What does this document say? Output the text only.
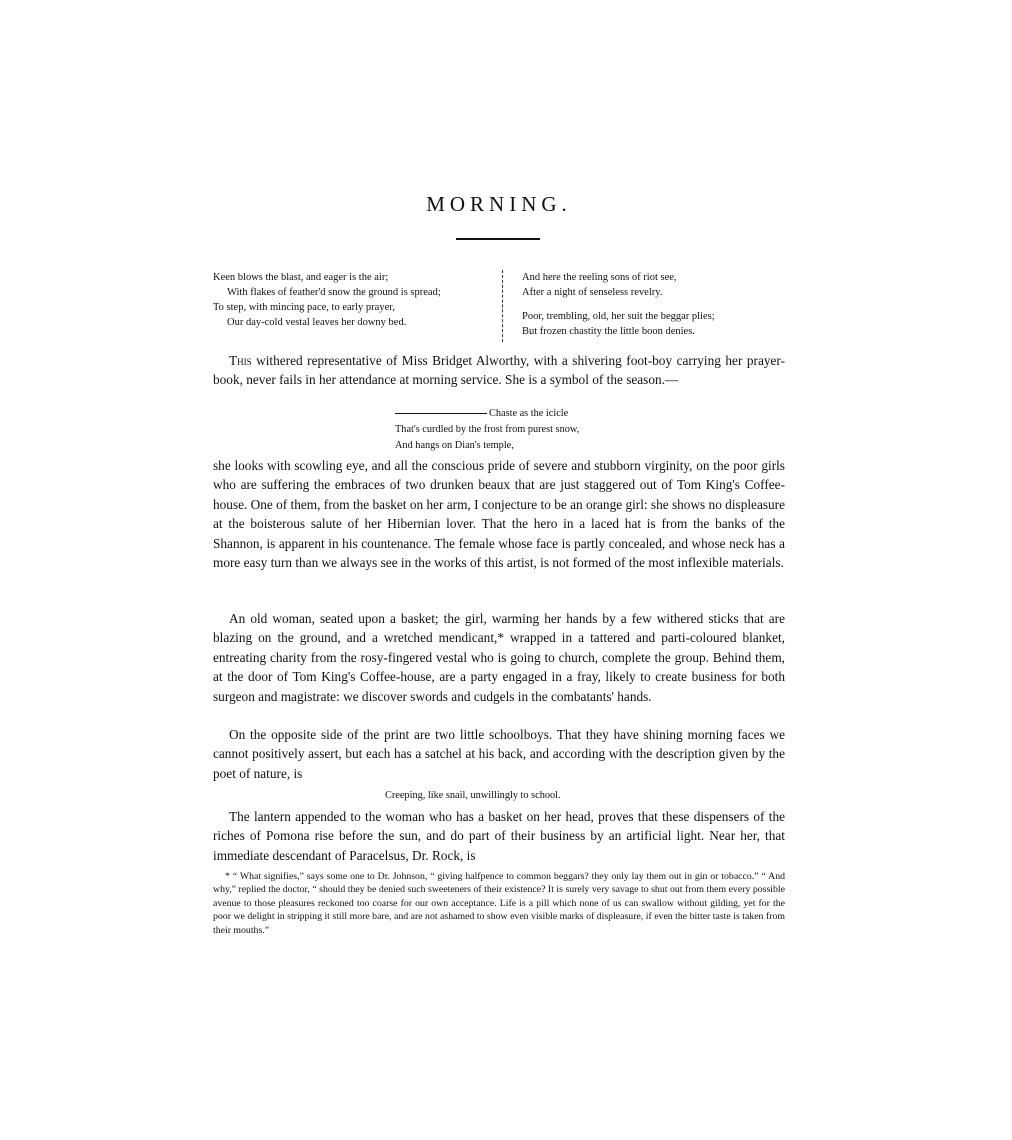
MORNING.
Keen blows the blast, and eager is the air;
With flakes of feather'd snow the ground is spread;
To step, with mincing pace, to early prayer,
Our day-cold vestal leaves her downy bed.
And here the reeling sons of riot see,
After a night of senseless revelry.
Poor, trembling, old, her suit the beggar plies;
But frozen chastity the little boon denies.

This withered representative of Miss Bridget Alworthy, with a shivering foot-boy carrying her prayer-book, never fails in her attendance at morning service. She is a symbol of the season.—

Chaste as the icicle
That's curdled by the frost from purest snow,
And hangs on Dian's temple,

she looks with scowling eye, and all the conscious pride of severe and stubborn virginity, on the poor girls who are suffering the embraces of two drunken beaux that are just staggered out of Tom King's Coffee-house. One of them, from the basket on her arm, I conjecture to be an orange girl: she shows no displeasure at the boisterous salute of her Hibernian lover. That the hero in a laced hat is from the banks of the Shannon, is apparent in his countenance. The female whose face is partly concealed, and whose neck has a more easy turn than we always see in the works of this artist, is not formed of the most inflexible materials.

An old woman, seated upon a basket; the girl, warming her hands by a few withered sticks that are blazing on the ground, and a wretched mendicant,* wrapped in a tattered and parti-coloured blanket, entreating charity from the rosy-fingered vestal who is going to church, complete the group. Behind them, at the door of Tom King's Coffee-house, are a party engaged in a fray, likely to create business for both surgeon and magistrate: we discover swords and cudgels in the combatants' hands.

On the opposite side of the print are two little schoolboys. That they have shining morning faces we cannot positively assert, but each has a satchel at his back, and according with the description given by the poet of nature, is

Creeping, like snail, unwillingly to school.

The lantern appended to the woman who has a basket on her head, proves that these dispensers of the riches of Pomona rise before the sun, and do part of their business by an artificial light. Near her, that immediate descendant of Paracelsus, Dr. Rock, is

* “ What signifies,” says some one to Dr. Johnson, “ giving halfpence to common beggars? they only lay them out in gin or tobacco.” “ And why,” replied the doctor, “ should they be denied such sweeteners of their existence? It is surely very savage to shut out from them every possible avenue to those pleasures reckoned too coarse for our own acceptance. Life is a pill which none of us can swallow without gilding, yet for the poor we delight in stripping it still more bare, and are not ashamed to show even visible marks of displeasure, if even the bitter taste is taken from their mouths.”
